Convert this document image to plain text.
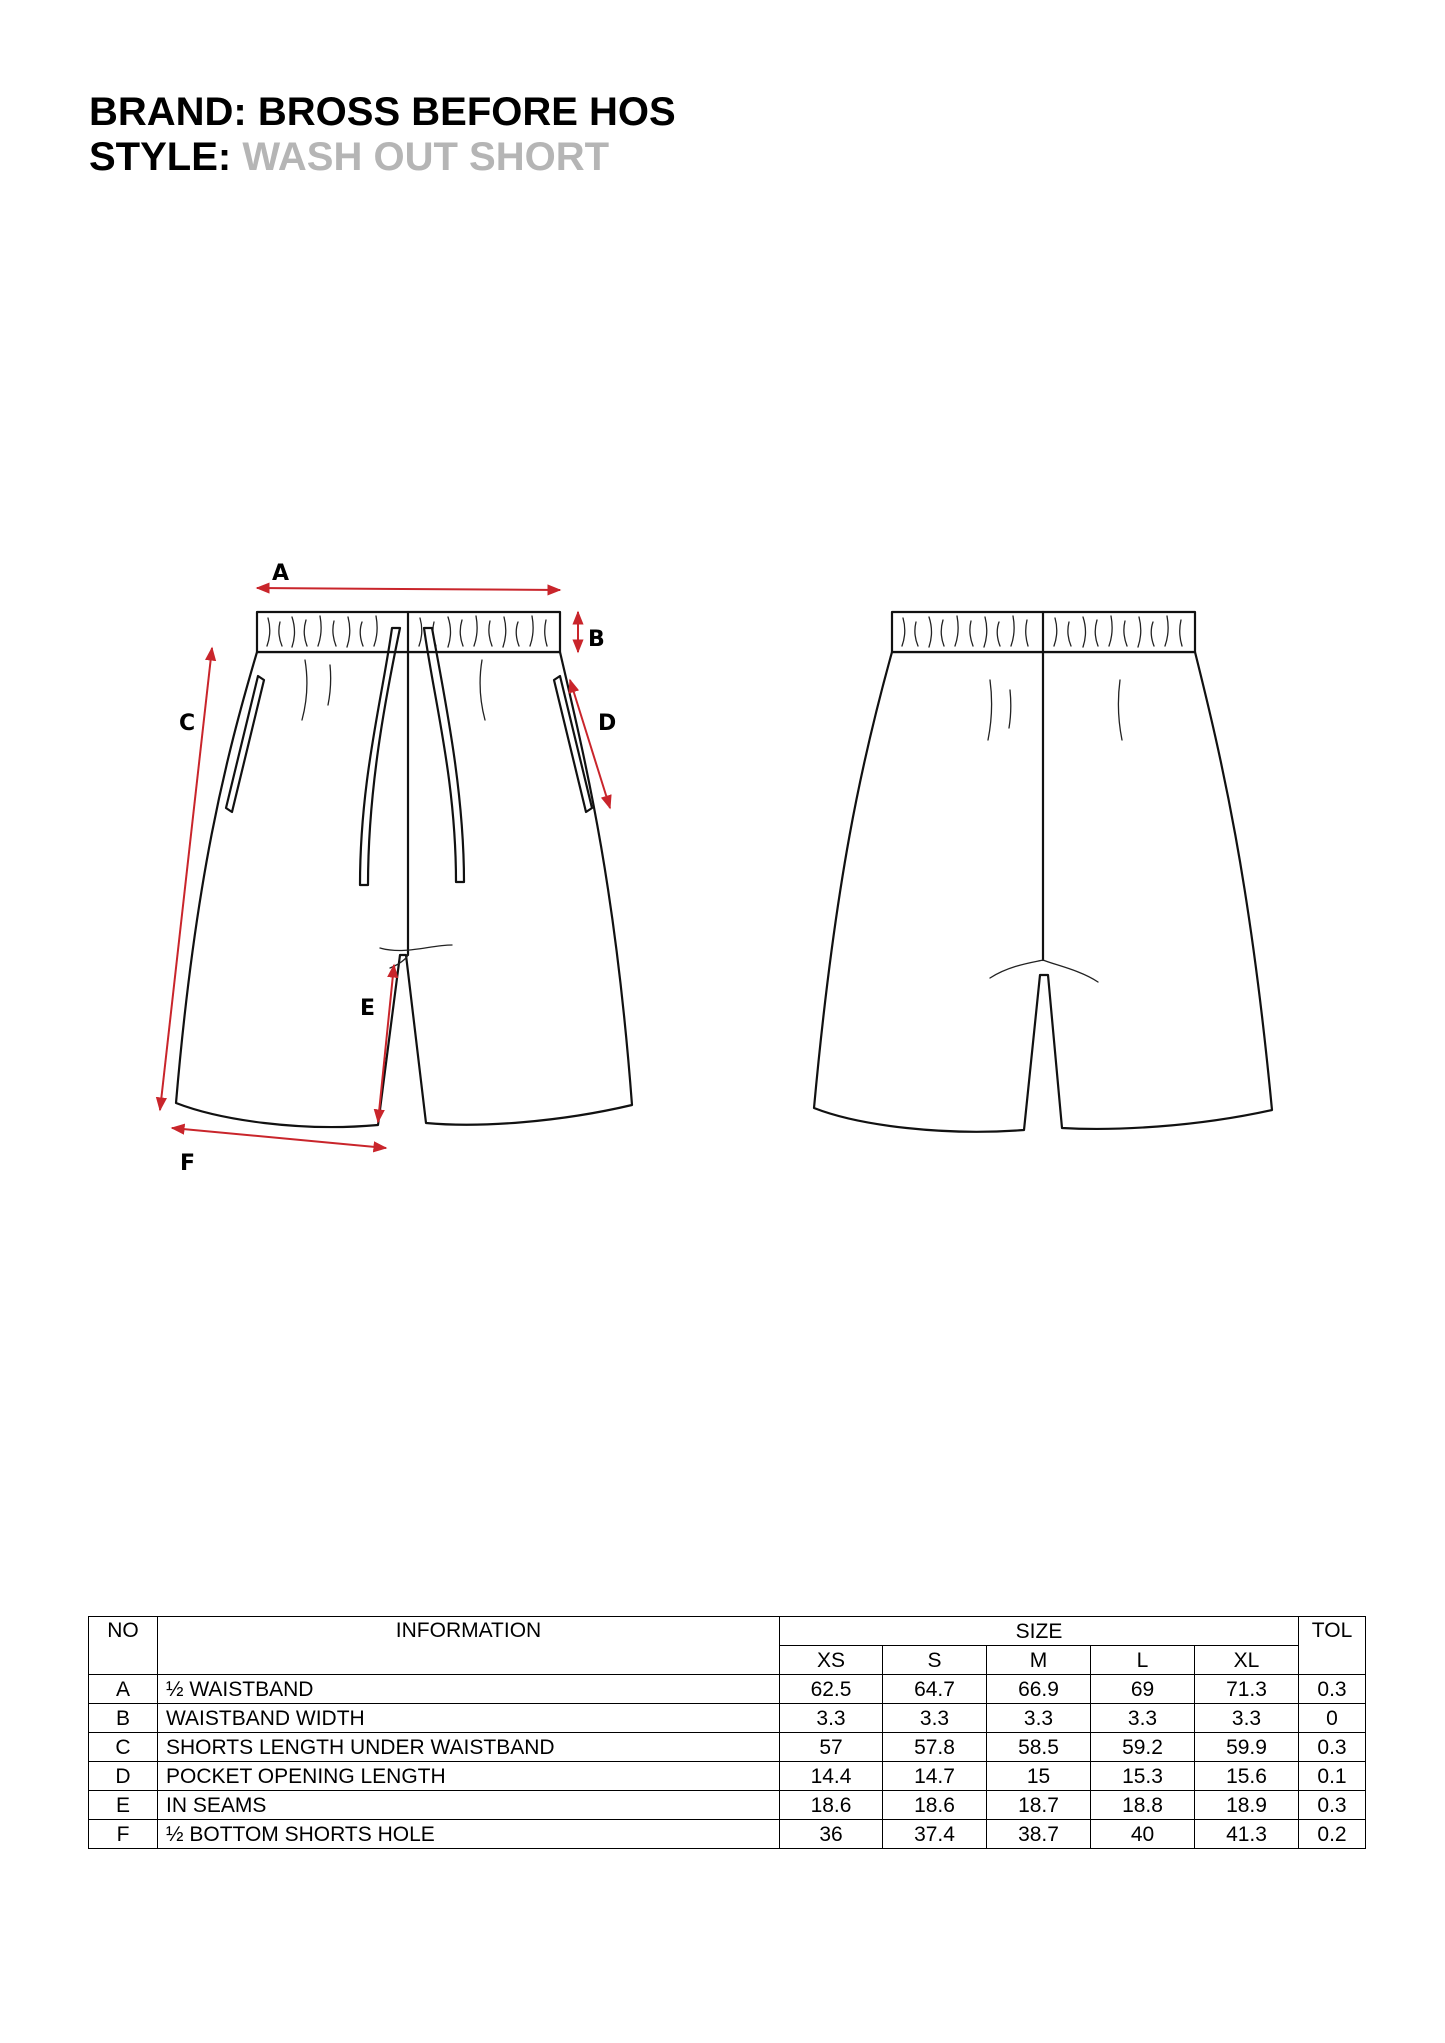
BRAND: BROSS BEFORE HOS
STYLE: WASH OUT SHORT
A
B
C	D
E
F
NO	INFORMATION	SIZE					TOL
		XS	S	M	L	XL	
A	½ WAISTBAND	62.5	64.7	66.9	69	71.3	0.3
B	WAISTBAND WIDTH	3.3	3.3	3.3	3.3	3.3	0
C	SHORTS LENGTH UNDER WAISTBAND	57	57.8	58.5	59.2	59.9	0.3
D	POCKET OPENING LENGTH	14.4	14.7	15	15.3	15.6	0.1
E	IN SEAMS	18.6	18.6	18.7	18.8	18.9	0.3
F	½ BOTTOM SHORTS HOLE	36	37.4	38.7	40	41.3	0.2
